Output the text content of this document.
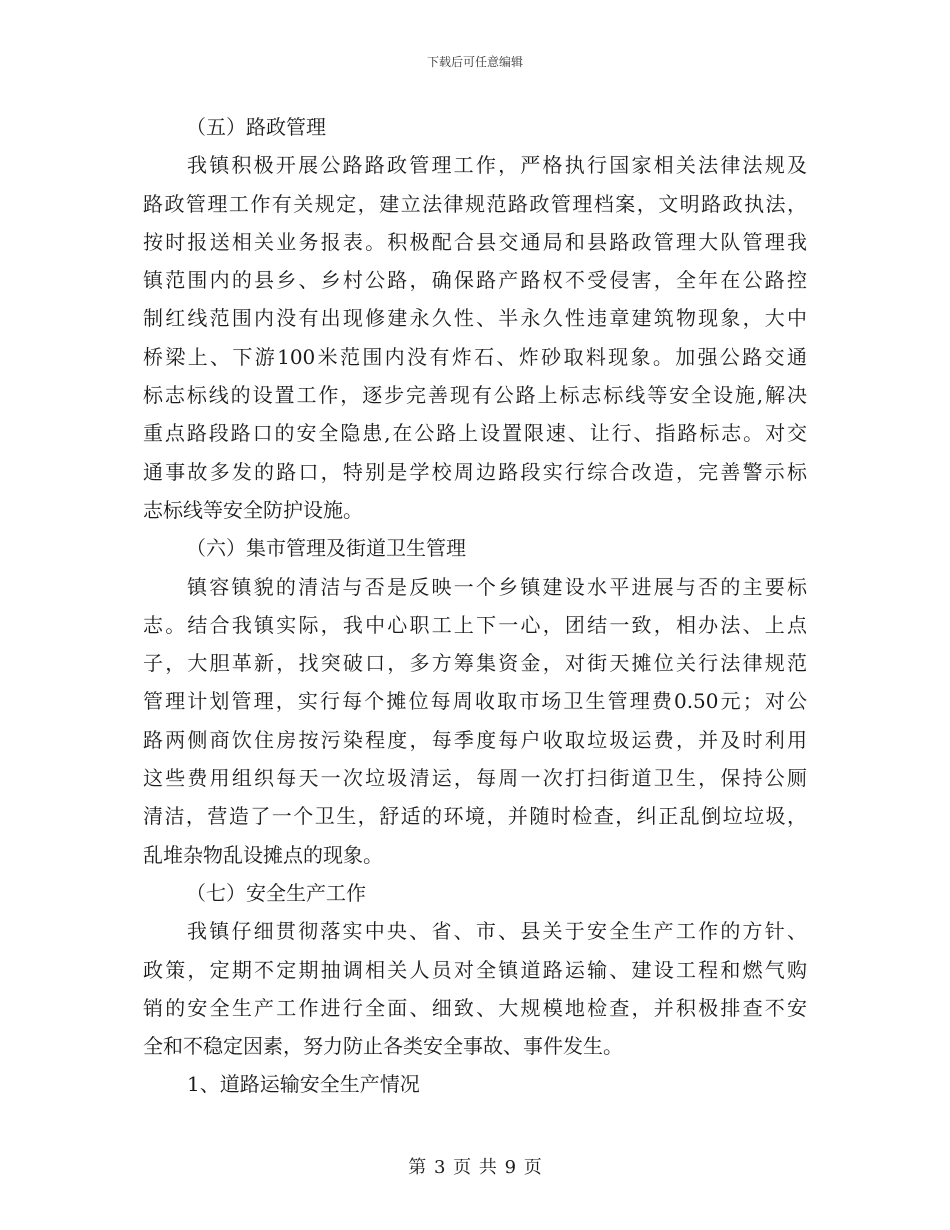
下载后可任意编辑
（五）路政管理
我镇积极开展公路路政管理工作，严格执行国家相关法律法规及
路政管理工作有关规定，建立法律规范路政管理档案，文明路政执法，
按时报送相关业务报表。积极配合县交通局和县路政管理大队管理我
镇范围内的县乡、乡村公路，确保路产路权不受侵害，全年在公路控
制红线范围内没有出现修建永久性、半永久性违章建筑物现象，大中
桥梁上、下游100米范围内没有炸石、炸砂取料现象。加强公路交通
标志标线的设置工作，逐步完善现有公路上标志标线等安全设施,解决
重点路段路口的安全隐患,在公路上设置限速、让行、指路标志。对交
通事故多发的路口，特别是学校周边路段实行综合改造，完善警示标
志标线等安全防护设施。
（六）集市管理及街道卫生管理
镇容镇貌的清洁与否是反映一个乡镇建设水平进展与否的主要标
志。结合我镇实际，我中心职工上下一心，团结一致，相办法、上点
子，大胆革新，找突破口，多方筹集资金，对街天摊位关行法律规范
管理计划管理，实行每个摊位每周收取市场卫生管理费0.50元；对公
路两侧商饮住房按污染程度，每季度每户收取垃圾运费，并及时利用
这些费用组织每天一次垃圾清运，每周一次打扫街道卫生，保持公厕
清洁，营造了一个卫生，舒适的环境，并随时检查，纠正乱倒垃垃圾，
乱堆杂物乱设摊点的现象。
（七）安全生产工作
我镇仔细贯彻落实中央、省、市、县关于安全生产工作的方针、
政策，定期不定期抽调相关人员对全镇道路运输、建设工程和燃气购
销的安全生产工作进行全面、细致、大规模地检查，并积极排查不安
全和不稳定因素，努力防止各类安全事故、事件发生。
1、道路运输安全生产情况
第 3 页 共 9 页
